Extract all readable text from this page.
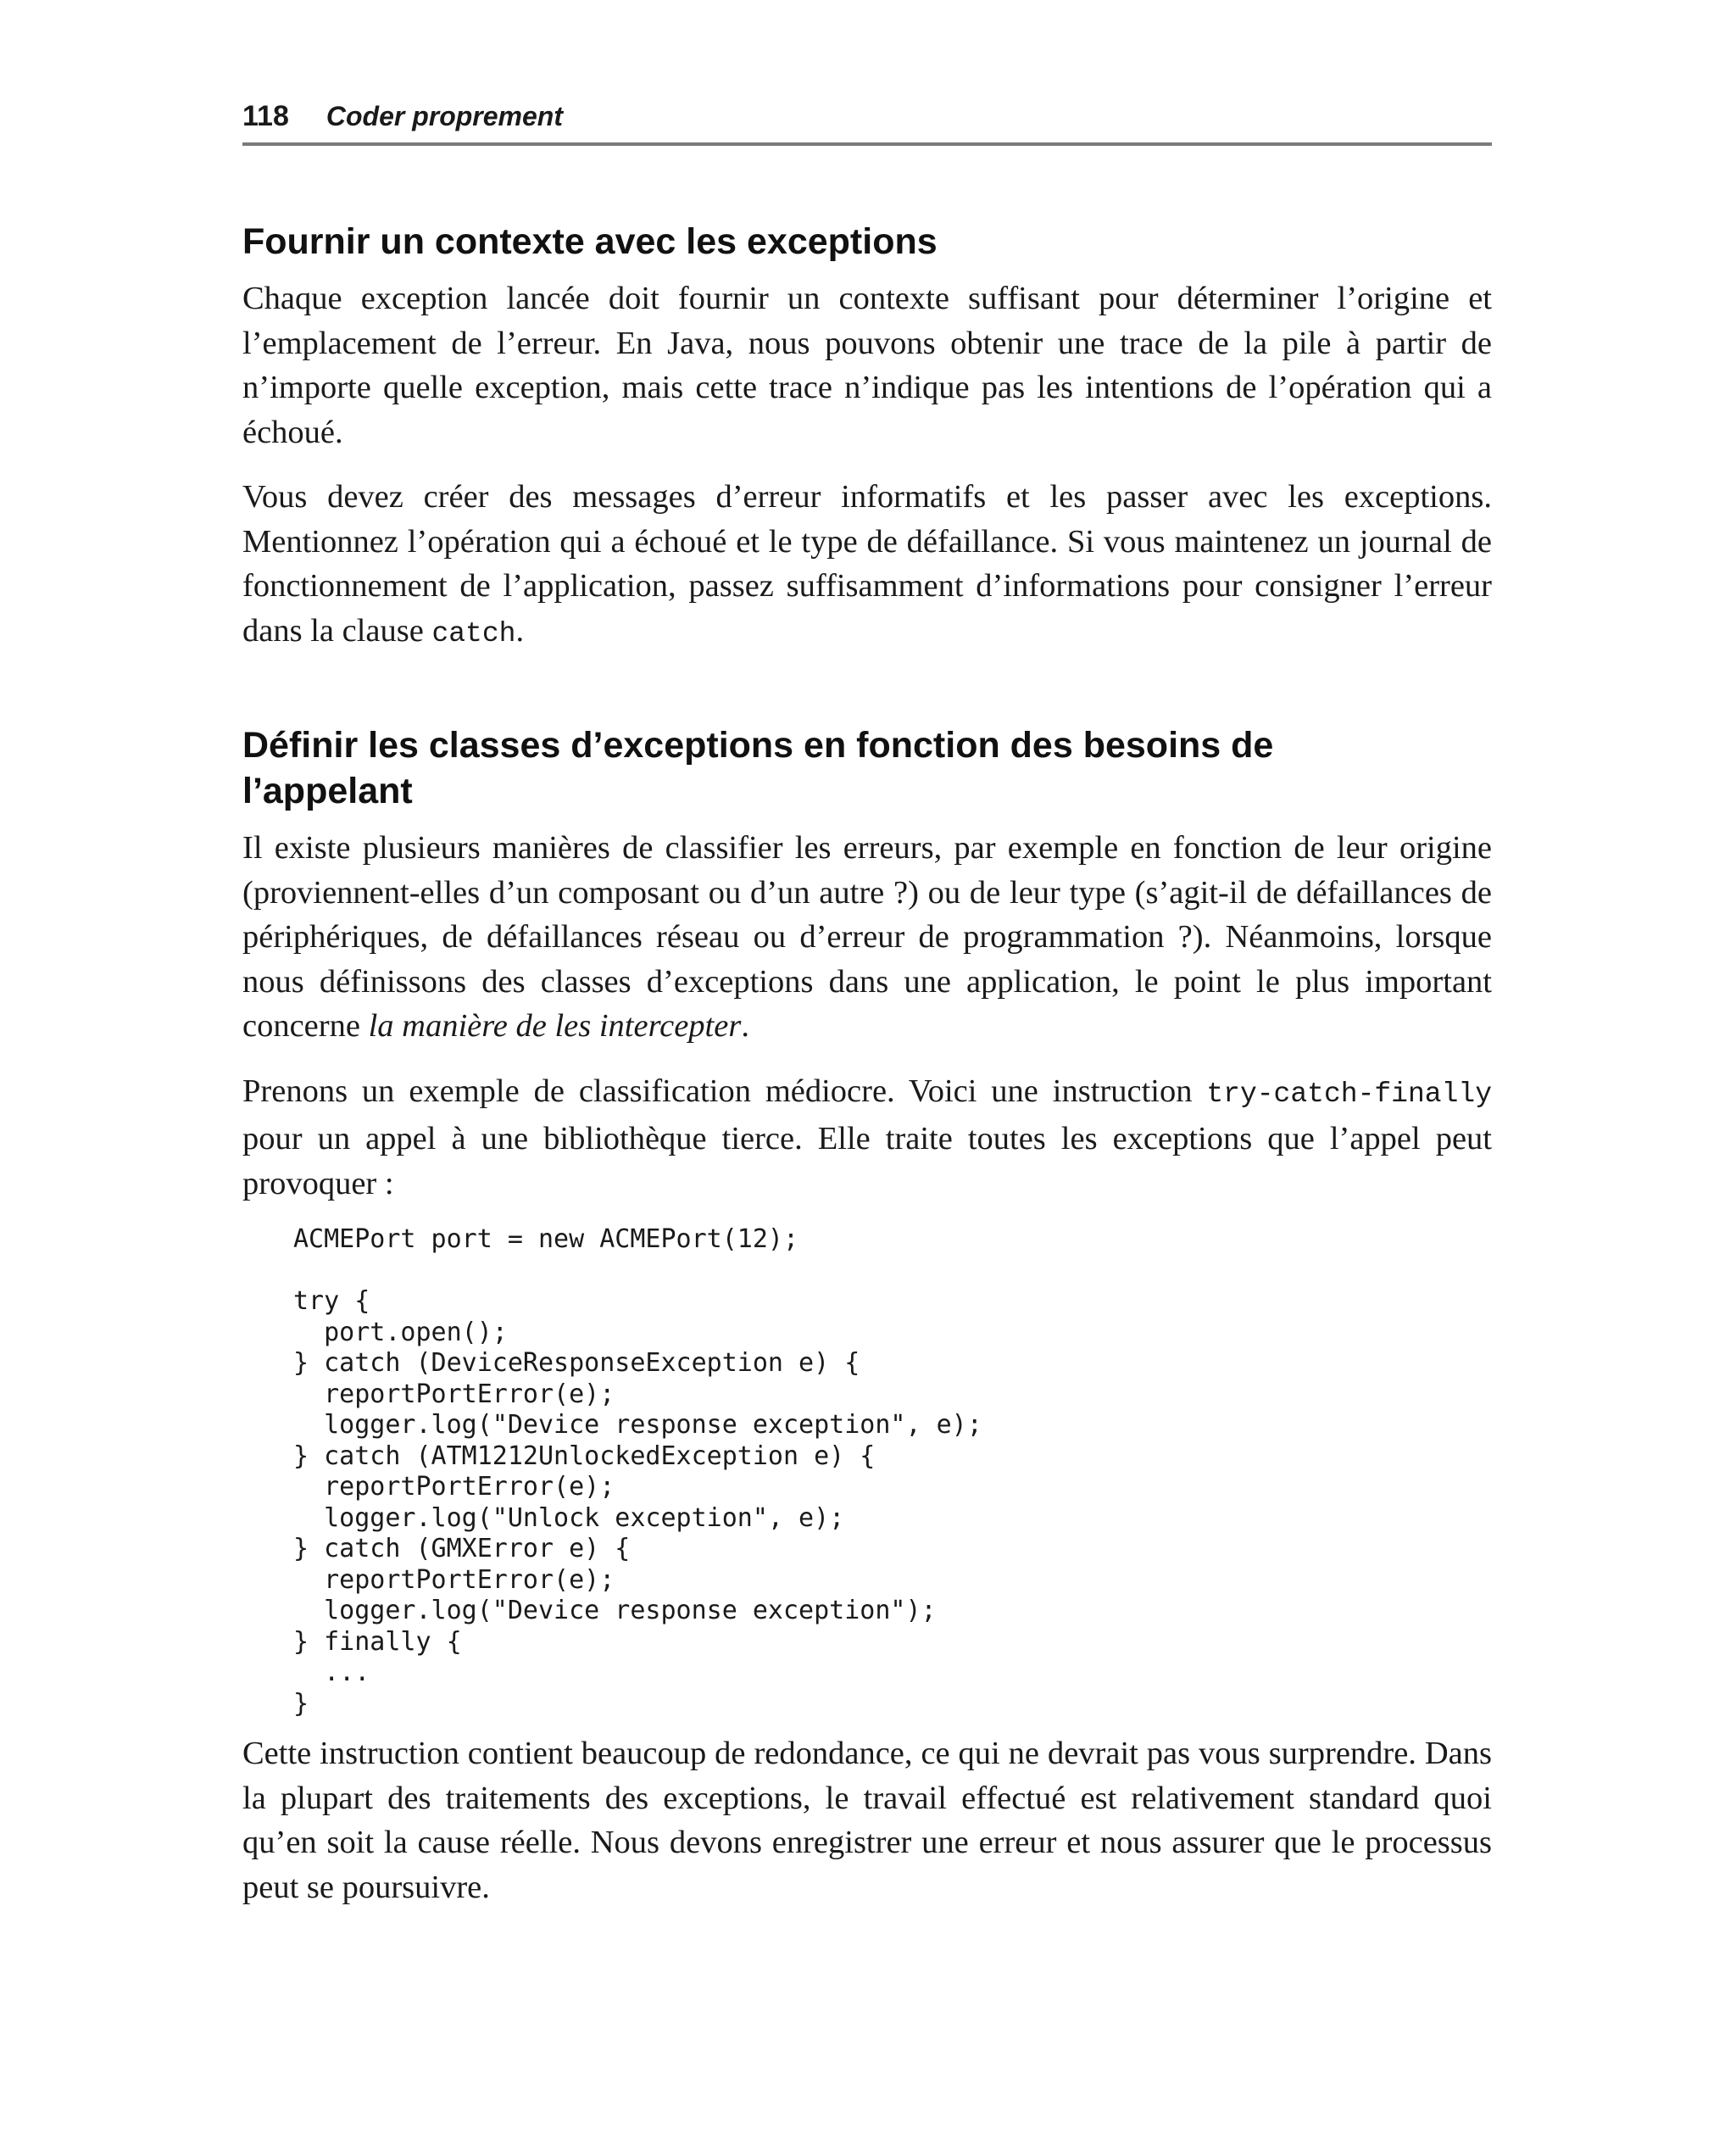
118 Coder proprement
Fournir un contexte avec les exceptions

Chaque exception lancée doit fournir un contexte suffisant pour déterminer l’origine et l’emplacement de l’erreur. En Java, nous pouvons obtenir une trace de la pile à partir de n’importe quelle exception, mais cette trace n’indique pas les intentions de l’opération qui a échoué.

Vous devez créer des messages d’erreur informatifs et les passer avec les exceptions. Mentionnez l’opération qui a échoué et le type de défaillance. Si vous maintenez un journal de fonctionnement de l’application, passez suffisamment d’informations pour consigner l’erreur dans la clause catch.

Définir les classes d’exceptions en fonction des besoins de
l’appelant

Il existe plusieurs manières de classifier les erreurs, par exemple en fonction de leur origine (proviennent-elles d’un composant ou d’un autre ?) ou de leur type (s’agit-il de défaillances de périphériques, de défaillances réseau ou d’erreur de programmation ?). Néanmoins, lorsque nous définissons des classes d’exceptions dans une application, le point le plus important concerne la manière de les intercepter.

Prenons un exemple de classification médiocre. Voici une instruction try-catch-finally pour un appel à une bibliothèque tierce. Elle traite toutes les exceptions que l’appel peut provoquer :

ACMEPort port = new ACMEPort(12);
try {
port.open();
} catch (DeviceResponseException e) {
reportPortError(e);
logger.log("Device response exception", e);
} catch (ATM1212UnlockedException e) {
reportPortError(e);
logger.log("Unlock exception", e);
} catch (GMXError e) {
reportPortError(e);
logger.log("Device response exception");
} finally {
...
}

Cette instruction contient beaucoup de redondance, ce qui ne devrait pas vous surprendre. Dans la plupart des traitements des exceptions, le travail effectué est relativement standard quoi qu’en soit la cause réelle. Nous devons enregistrer une erreur et nous assurer que le processus peut se poursuivre.
